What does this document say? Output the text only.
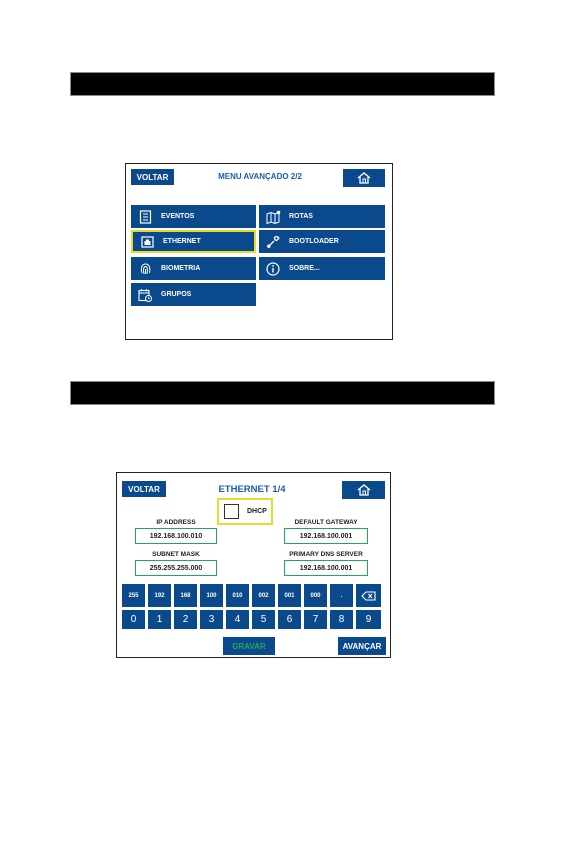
VOLTAR	MENU AVANÇADO 2/2
EVENTOS
ETHERNET
BIOMETRIA
GRUPOS
ROTAS
BOOTLOADER
SOBRE...
VOLTAR	ETHERNET 1/4
DHCP
IP ADDRESS
192.168.100.010
SUBNET MASK
255.255.255.000
DEFAULT GATEWAY
192.168.100.001
PRIMARY DNS SERVER
192.168.100.001
255	192	168	100	010	002	001	000	.
0	1	2	3	4	5	6	7	8	9
GRAVAR	AVANÇAR
